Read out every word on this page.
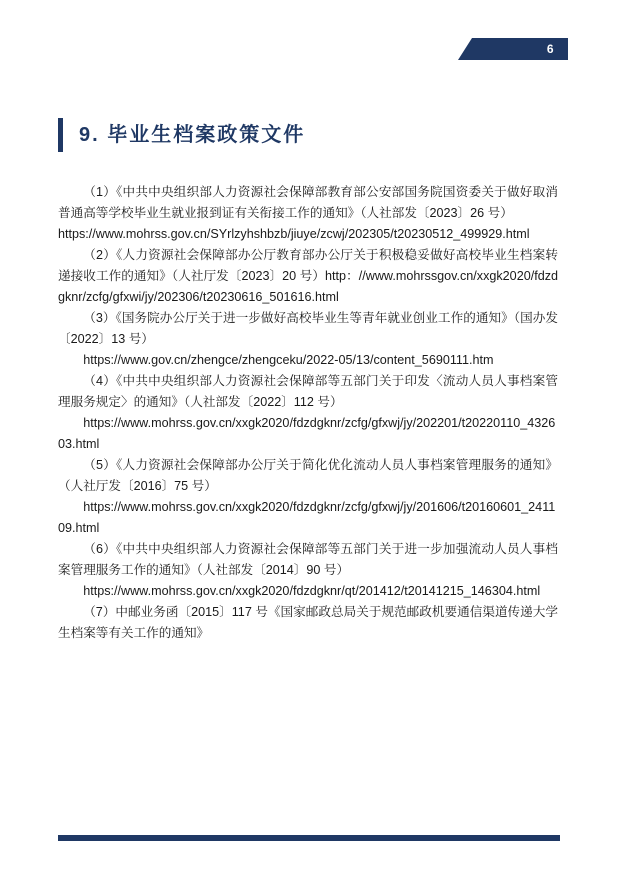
6
9. 毕业生档案政策文件

（1）《中共中央组织部人力资源社会保障部教育部公安部国务院国资委关于做好取消普通高等学校毕业生就业报到证有关衔接工作的通知》（人社部发〔2023〕26 号）

https://www.mohrss.gov.cn/SYrlzyhshbzb/jiuye/zcwj/202305/t20230512_499929.html

（2）《人力资源社会保障部办公厅教育部办公厅关于积极稳妥做好高校毕业生档案转递接收工作的通知》（人社厅发〔2023〕20 号）http：//www.mohrssgov.cn/xxgk2020/fdzdgknr/zcfg/gfxwi/jy/202306/t20230616_501616.html

（3）《国务院办公厅关于进一步做好高校毕业生等青年就业创业工作的通知》（国办发〔2022〕13 号）

https://www.gov.cn/zhengce/zhengceku/2022-05/13/content_5690111.htm

（4）《中共中央组织部人力资源社会保障部等五部门关于印发〈流动人员人事档案管理服务规定〉的通知》（人社部发〔2022〕112 号）

https://www.mohrss.gov.cn/xxgk2020/fdzdgknr/zcfg/gfxwj/jy/202201/t20220110_432603.html

（5）《人力资源社会保障部办公厅关于简化优化流动人员人事档案管理服务的通知》（人社厅发〔2016〕75 号）

https://www.mohrss.gov.cn/xxgk2020/fdzdgknr/zcfg/gfxwj/jy/201606/t20160601_241109.html

（6）《中共中央组织部人力资源社会保障部等五部门关于进一步加强流动人员人事档案管理服务工作的通知》（人社部发〔2014〕90 号）

https://www.mohrss.gov.cn/xxgk2020/fdzdgknr/qt/201412/t20141215_146304.html

（7）中邮业务函〔2015〕117 号《国家邮政总局关于规范邮政机要通信渠道传递大学生档案等有关工作的通知》
